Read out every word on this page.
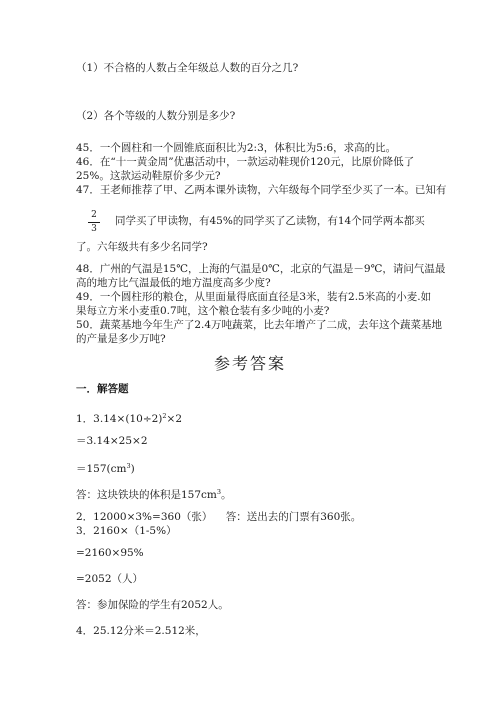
（1）不合格的人数占全年级总人数的百分之几?
（2）各个等级的人数分别是多少?
45．一个圆柱和一个圆锥底面积比为2:3，体积比为5:6，求高的比。
46．在“十一黄金周”优惠活动中，一款运动鞋现价120元，比原价降低了
25%。这款运动鞋原价多少元?
47．王老师推荐了甲、乙两本课外读物，六年级每个同学至少买了一本。已知有
2
3
同学买了甲读物，有45%的同学买了乙读物，有14个同学两本都买
了。六年级共有多少名同学?
48．广州的气温是15℃，上海的气温是0℃，北京的气温是－9℃，请问气温最
高的地方比气温最低的地方温度高多少度?
49．一个圆柱形的粮仓，从里面量得底面直径是3米，装有2.5米高的小麦.如
果每立方米小麦重0.7吨，这个粮仓装有多少吨的小麦?
50．蔬菜基地今年生产了2.4万吨蔬菜，比去年增产了二成，去年这个蔬菜基地
的产量是多少万吨?
参考答案
一．解答题
1．$3.14\times(10\div 2)^2\times 2$
＝3.14×25×2
$=157(cm^3)$
答：这块铁块的体积是$157cm^3$。
2．12000×3%=360（张）    答：送出去的门票有360张。
3．2160×（1-5%）
=2160×95%
=2052（人）
答：参加保险的学生有2052人。
4．25.12分米＝2.512米，
